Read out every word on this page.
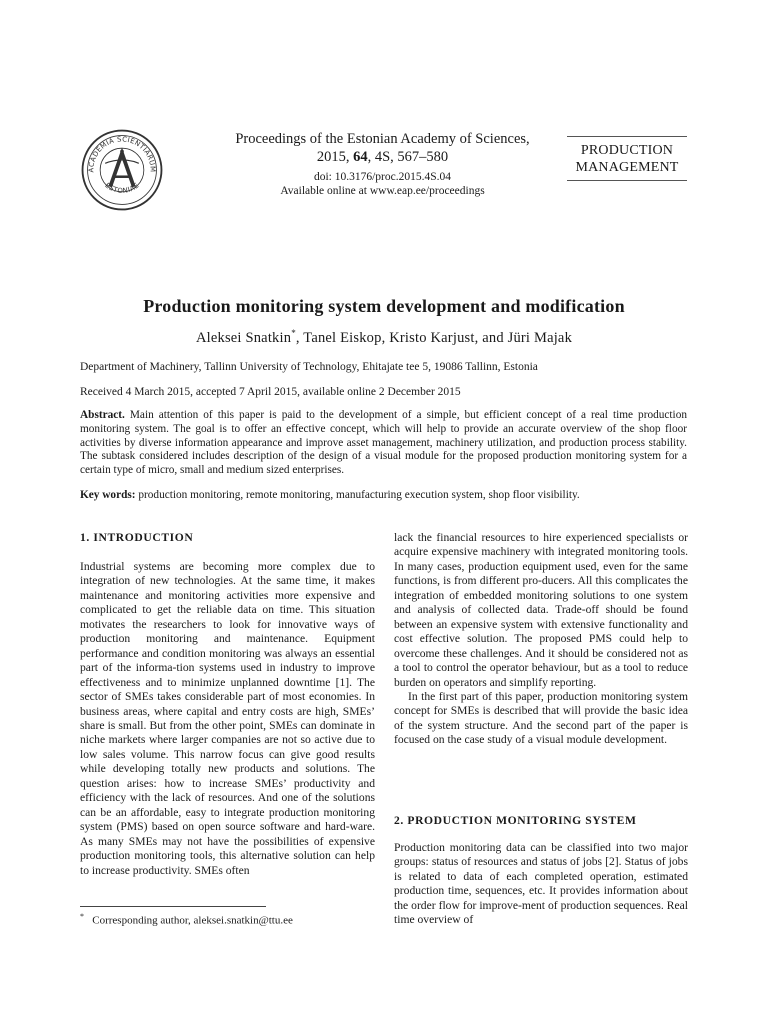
ACADEMIA SCIENTIARUM
ESTONIAE
Proceedings of the Estonian Academy of Sciences,
2015, 64, 4S, 567–580
doi: 10.3176/proc.2015.4S.04
Available online at www.eap.ee/proceedings
PRODUCTION
MANAGEMENT
Production monitoring system development and modification
Aleksei Snatkin*, Tanel Eiskop, Kristo Karjust, and Jüri Majak
Department of Machinery, Tallinn University of Technology, Ehitajate tee 5, 19086 Tallinn, Estonia
Received 4 March 2015, accepted 7 April 2015, available online 2 December 2015
Abstract. Main attention of this paper is paid to the development of a simple, but efficient concept of a real time production monitoring system. The goal is to offer an effective concept, which will help to provide an accurate overview of the shop floor activities by diverse information appearance and improve asset management, machinery utilization, and production process stability. The subtask considered includes description of the design of a visual module for the proposed production monitoring system for a certain type of micro, small and medium sized enterprises.
Key words: production monitoring, remote monitoring, manufacturing execution system, shop floor visibility.
1. INTRODUCTION

Industrial systems are becoming more complex due to integration of new technologies. At the same time, it makes maintenance and monitoring activities more expensive and complicated to get the reliable data on time. This situation motivates the researchers to look for innovative ways of production monitoring and maintenance. Equipment performance and condition monitoring was always an essential part of the informa-tion systems used in industry to improve effectiveness and to minimize unplanned downtime [1]. The sector of SMEs takes considerable part of most economies. In business areas, where capital and entry costs are high, SMEs’ share is small. But from the other point, SMEs can dominate in niche markets where larger companies are not so active due to low sales volume. This narrow focus can give good results while developing totally new products and solutions. The question arises: how to increase SMEs’ productivity and efficiency with the lack of resources. And one of the solutions can be an affordable, easy to integrate production monitoring system (PMS) based on open source software and hard-ware. As many SMEs may not have the possibilities of expensive production monitoring tools, this alternative solution can help to increase productivity. SMEs often

lack the financial resources to hire experienced specialists or acquire expensive machinery with integrated monitoring tools. In many cases, production equipment used, even for the same functions, is from different pro-ducers. All this complicates the integration of embedded monitoring solutions to one system and analysis of collected data. Trade-off should be found between an expensive system with extensive functionality and cost effective solution. The proposed PMS could help to overcome these challenges. And it should be considered not as a tool to control the operator behaviour, but as a tool to reduce burden on operators and simplify reporting.

In the first part of this paper, production monitoring system concept for SMEs is described that will provide the basic idea of the system structure. And the second part of the paper is focused on the case study of a visual module development.

2. PRODUCTION MONITORING SYSTEM

Production monitoring data can be classified into two major groups: status of resources and status of jobs [2]. Status of jobs is related to data of each completed operation, estimated production time, sequences, etc. It provides information about the order flow for improve-ment of production sequences. Real time overview of

* Corresponding author, aleksei.snatkin@ttu.ee
